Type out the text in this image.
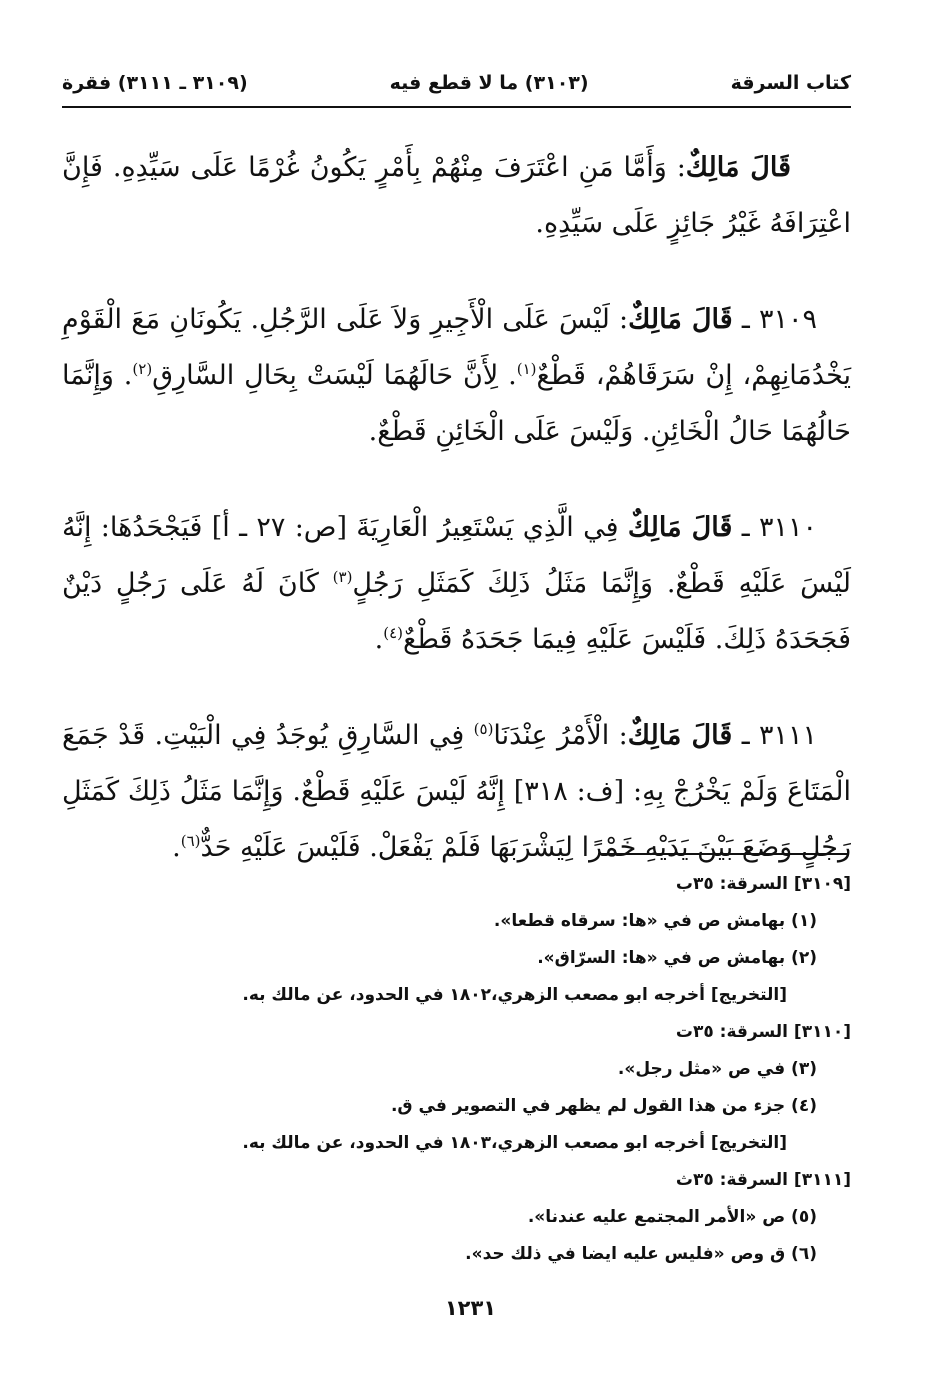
كتاب السرقة
(٣١٠٣) ما لا قطع فيه
(٣١٠٩ ـ ٣١١١) فقرة

قَالَ مَالِكٌ: وَأَمَّا مَنِ اعْتَرَفَ مِنْهُمْ بِأَمْرٍ يَكُونُ غُرْمًا عَلَى سَيِّدِهِ. فَإِنَّ اعْتِرَافَهُ غَيْرُ جَائِزٍ عَلَى سَيِّدِهِ.

٣١٠٩ ـ قَالَ مَالِكٌ: لَيْسَ عَلَى الْأَجِيرِ وَلاَ عَلَى الرَّجُلِ. يَكُونَانِ مَعَ الْقَوْمِ يَخْدُمَانِهِمْ، إِنْ سَرَقَاهُمْ، قَطْعٌ$^{(١)}$. لِأَنَّ حَالَهُمَا لَيْسَتْ بِحَالِ السَّارِقِ$^{(٢)}$. وَإِنَّمَا حَالُهُمَا حَالُ الْخَائِنِ. وَلَيْسَ عَلَى الْخَائِنِ قَطْعٌ.

٣١١٠ ـ قَالَ مَالِكٌ فِي الَّذِي يَسْتَعِيرُ الْعَارِيَةَ [ص: ٢٧ ـ أ] فَيَجْحَدُهَا: إِنَّهُ لَيْسَ عَلَيْهِ قَطْعٌ. وَإِنَّمَا مَثَلُ ذَلِكَ كَمَثَلِ رَجُلٍ$^{(٣)}$ كَانَ لَهُ عَلَى رَجُلٍ دَيْنٌ فَجَحَدَهُ ذَلِكَ. فَلَيْسَ عَلَيْهِ فِيمَا جَحَدَهُ قَطْعٌ$^{(٤)}$.

٣١١١ ـ قَالَ مَالِكٌ: الْأَمْرُ عِنْدَنَا$^{(٥)}$ فِي السَّارِقِ يُوجَدُ فِي الْبَيْتِ. قَدْ جَمَعَ الْمَتَاعَ وَلَمْ يَخْرُجْ بِهِ: [ف: ٣١٨] إِنَّهُ لَيْسَ عَلَيْهِ قَطْعٌ. وَإِنَّمَا مَثَلُ ذَلِكَ كَمَثَلِ رَجُلٍ وَضَعَ بَيْنَ يَدَيْهِ خَمْرًا لِيَشْرَبَهَا فَلَمْ يَفْعَلْ. فَلَيْسَ عَلَيْهِ حَدٌّ$^{(٦)}$.

[٣١٠٩] السرقة: ٣٥ب
(١) بهامش ص في «ها: سرقاه قطعا».
(٢) بهامش ص في «ها: السرّاق».
[التخريج] أخرجه ابو مصعب الزهري،١٨٠٢ في الحدود، عن مالك به.
[٣١١٠] السرقة: ٣٥ت
(٣) في ص «مثل رجل».
(٤) جزء من هذا القول لم يظهر في التصوير في ق.
[التخريج] أخرجه ابو مصعب الزهري،١٨٠٣ في الحدود، عن مالك به.
[٣١١١] السرقة: ٣٥ث
(٥) ص «الأمر المجتمع عليه عندنا».
(٦) ق وص «فليس عليه ايضا في ذلك حد».
١٢٣١
